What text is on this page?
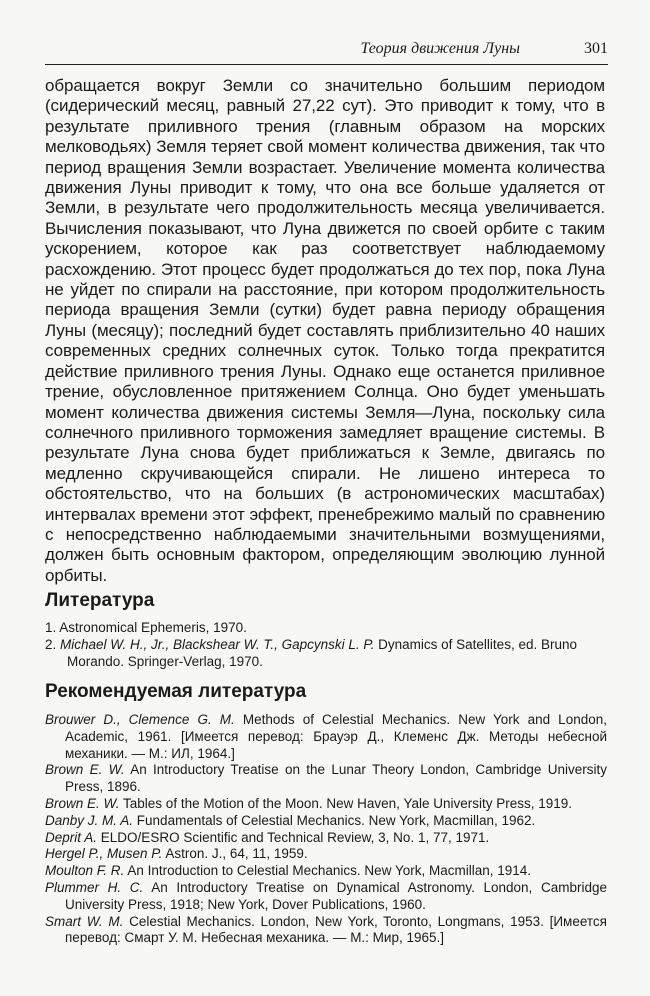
Теория движения Луны	301

обращается вокруг Земли со значительно большим периодом (сидерический месяц, равный 27,22 сут). Это приводит к тому, что в результате приливного трения (главным образом на морских мелководьях) Земля теряет свой момент количества движения, так что период вращения Земли возрастает. Увеличение момента количества движения Луны приводит к тому, что она все больше удаляется от Земли, в результате чего продолжительность месяца увеличивается. Вычисления показывают, что Луна движется по своей орбите с таким ускорением, которое как раз соответствует наблюдаемому расхождению. Этот процесс будет продолжаться до тех пор, пока Луна не уйдет по спирали на расстояние, при котором продолжительность периода вращения Земли (сутки) будет равна периоду обращения Луны (месяцу); последний будет составлять приблизительно 40 наших современных средних солнечных суток. Только тогда прекратится действие приливного трения Луны. Однако еще останется приливное трение, обусловленное притяжением Солнца. Оно будет уменьшать момент количества движения системы Земля—Луна, поскольку сила солнечного приливного торможения замедляет вращение системы. В результате Луна снова будет приближаться к Земле, двигаясь по медленно скручивающейся спирали. Не лишено интереса то обстоятельство, что на больших (в астрономических масштабах) интервалах времени этот эффект, пренебрежимо малый по сравнению с непосредственно наблюдаемыми значительными возмущениями, должен быть основным фактором, определяющим эволюцию лунной орбиты.

Литература
1. Astronomical Ephemeris, 1970.
2. Michael W. H., Jr., Blackshear W. T., Gapcynski L. P. Dynamics of Satellites, ed. Bruno Morando. Springer-Verlag, 1970.
Рекомендуемая литература
Brouwer D., Clemence G. M. Methods of Celestial Mechanics. New York and London, Academic, 1961. [Имеется перевод: Брауэр Д., Клеменс Дж. Методы небесной механики. — М.: ИЛ, 1964.]
Brown E. W. An Introductory Treatise on the Lunar Theory London, Cambridge University Press, 1896.
Brown E. W. Tables of the Motion of the Moon. New Haven, Yale University Press, 1919.
Danby J. M. A. Fundamentals of Celestial Mechanics. New York, Macmillan, 1962.
Deprit A. ELDO/ESRO Scientific and Technical Review, 3, No. 1, 77, 1971.
Hergel P., Musen P. Astron. J., 64, 11, 1959.
Moulton F. R. An Introduction to Celestial Mechanics. New York, Macmillan, 1914.
Plummer H. C. An Introductory Treatise on Dynamical Astronomy. London, Cambridge University Press, 1918; New York, Dover Publications, 1960.
Smart W. M. Celestial Mechanics. London, New York, Toronto, Longmans, 1953. [Имеется перевод: Смарт У. М. Небесная механика. — М.: Мир, 1965.]
